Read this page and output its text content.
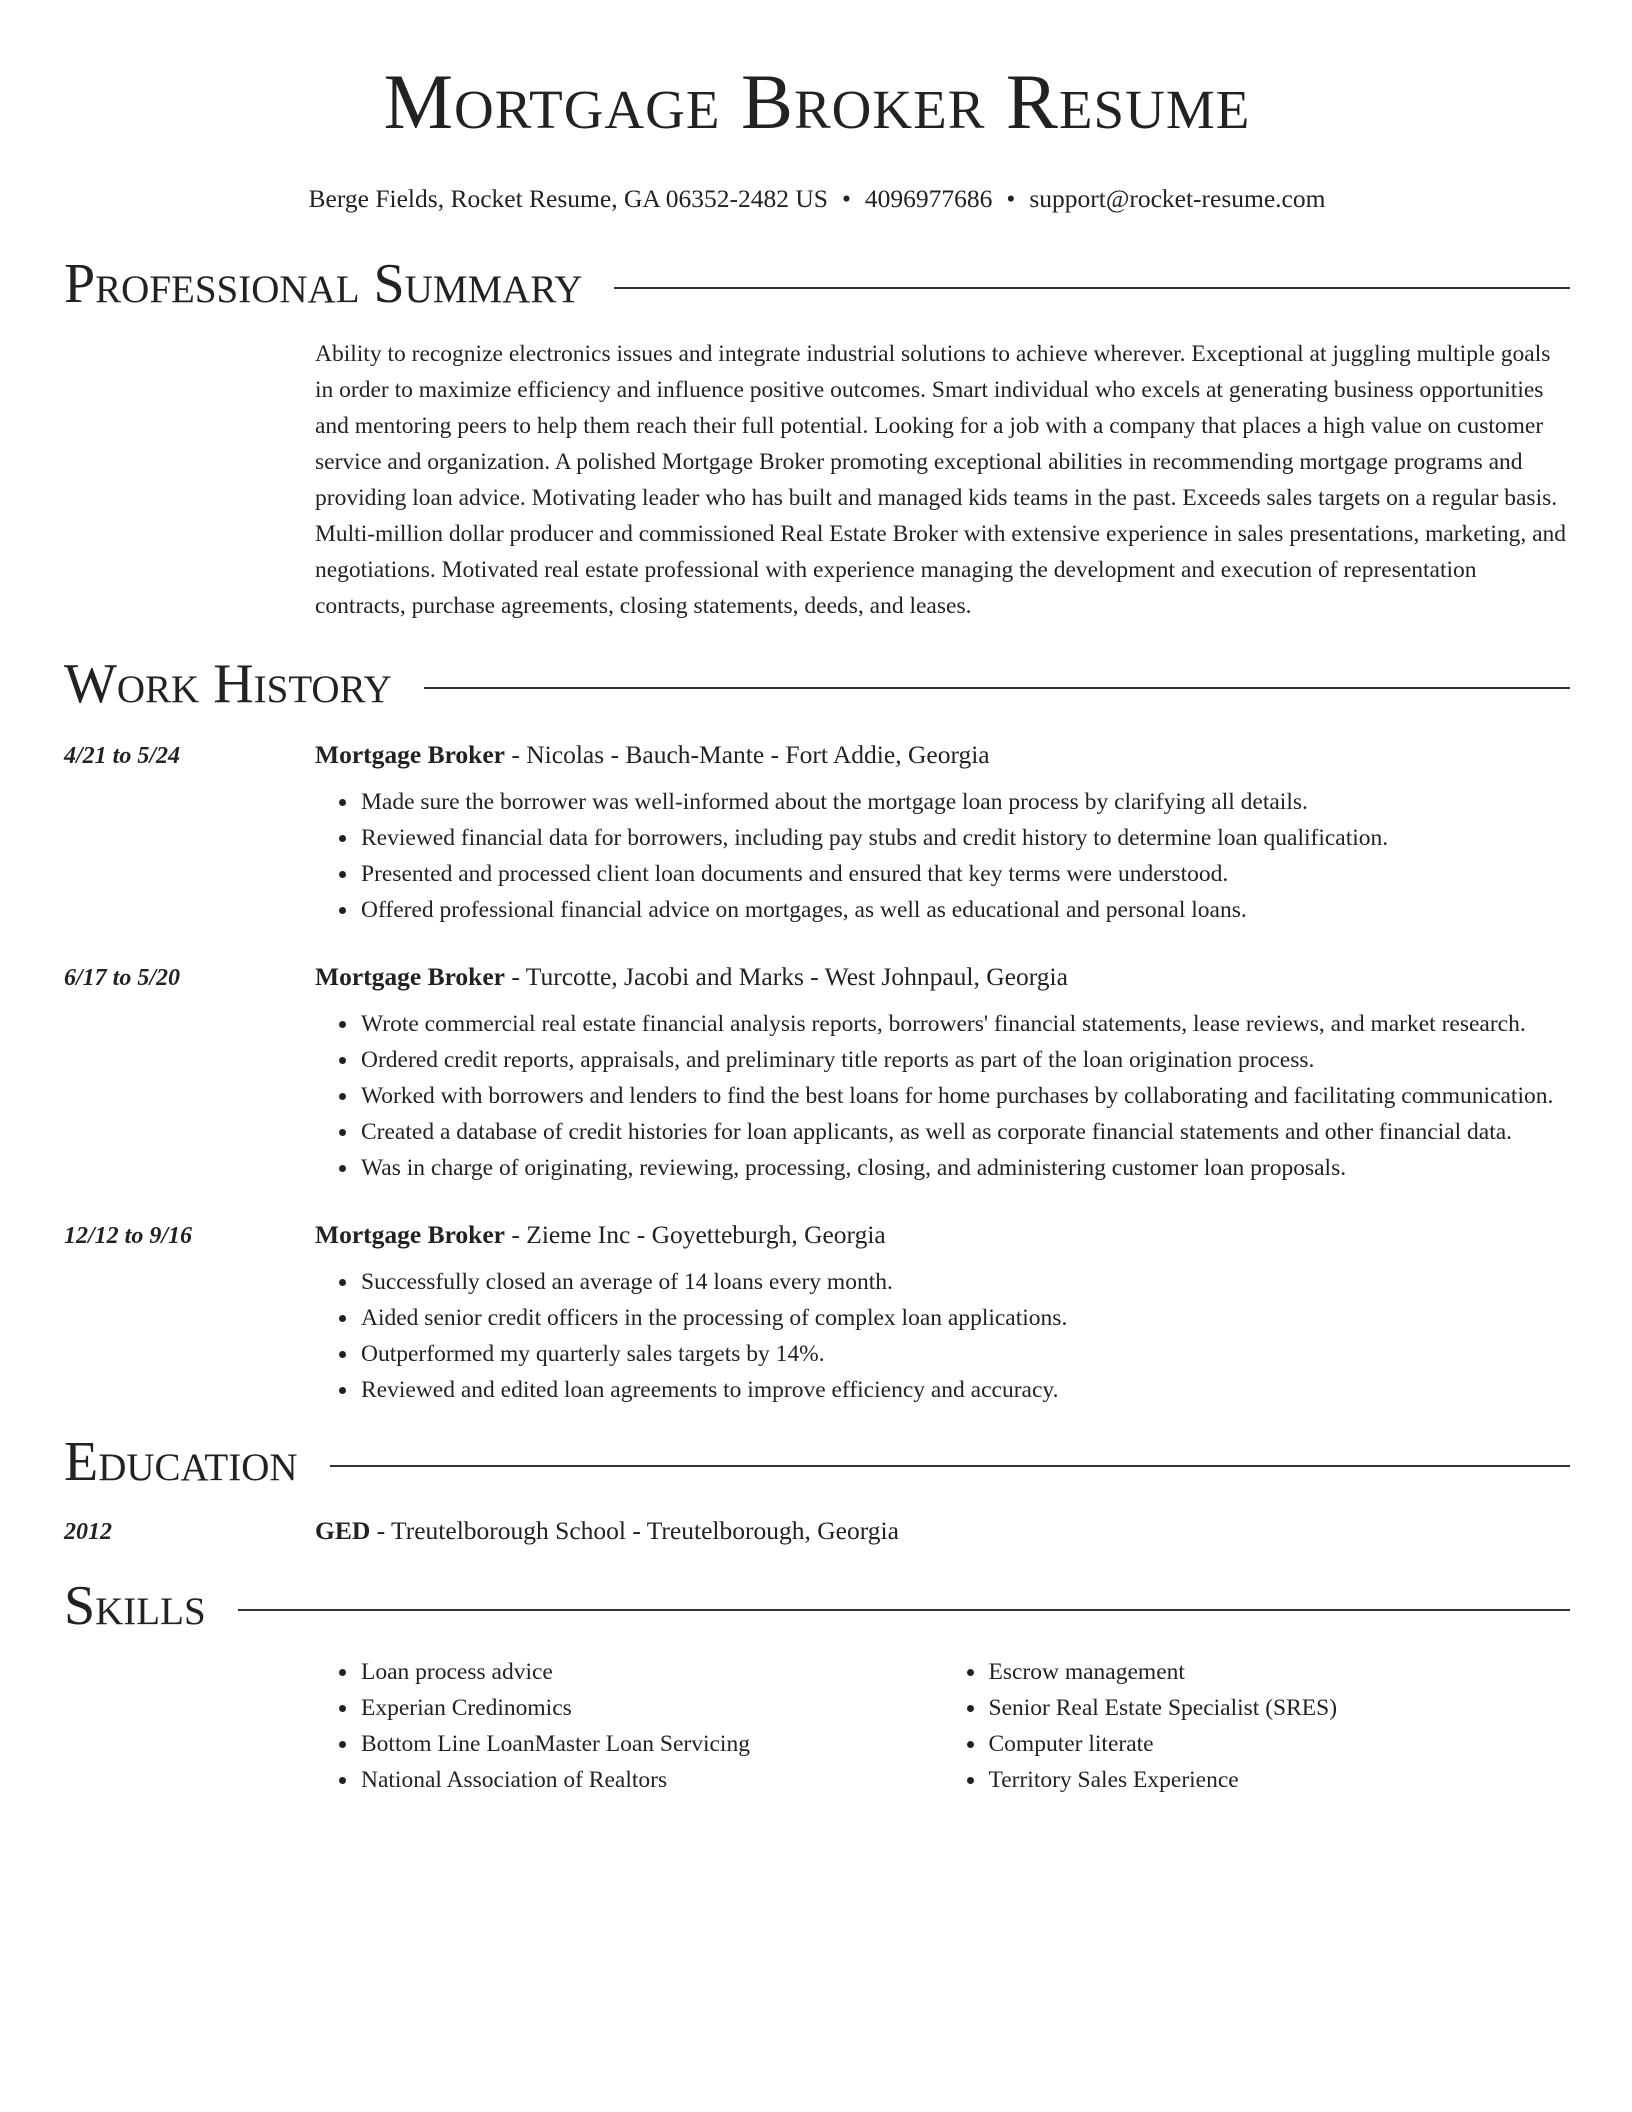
Mortgage Broker Resume
Berge Fields, Rocket Resume, GA 06352-2482 US • 4096977686 • support@rocket-resume.com
Professional Summary
Ability to recognize electronics issues and integrate industrial solutions to achieve wherever. Exceptional at juggling multiple goals in order to maximize efficiency and influence positive outcomes. Smart individual who excels at generating business opportunities and mentoring peers to help them reach their full potential. Looking for a job with a company that places a high value on customer service and organization. A polished Mortgage Broker promoting exceptional abilities in recommending mortgage programs and providing loan advice. Motivating leader who has built and managed kids teams in the past. Exceeds sales targets on a regular basis. Multi-million dollar producer and commissioned Real Estate Broker with extensive experience in sales presentations, marketing, and negotiations. Motivated real estate professional with experience managing the development and execution of representation contracts, purchase agreements, closing statements, deeds, and leases.
Work History
4/21 to 5/24	Mortgage Broker - Nicolas - Bauch-Mante - Fort Addie, Georgia
• Made sure the borrower was well-informed about the mortgage loan process by clarifying all details.
• Reviewed financial data for borrowers, including pay stubs and credit history to determine loan qualification.
• Presented and processed client loan documents and ensured that key terms were understood.
• Offered professional financial advice on mortgages, as well as educational and personal loans.
6/17 to 5/20	Mortgage Broker - Turcotte, Jacobi and Marks - West Johnpaul, Georgia
• Wrote commercial real estate financial analysis reports, borrowers' financial statements, lease reviews, and market research.
• Ordered credit reports, appraisals, and preliminary title reports as part of the loan origination process.
• Worked with borrowers and lenders to find the best loans for home purchases by collaborating and facilitating communication.
• Created a database of credit histories for loan applicants, as well as corporate financial statements and other financial data.
• Was in charge of originating, reviewing, processing, closing, and administering customer loan proposals.
12/12 to 9/16	Mortgage Broker - Zieme Inc - Goyetteburgh, Georgia
• Successfully closed an average of 14 loans every month.
• Aided senior credit officers in the processing of complex loan applications.
• Outperformed my quarterly sales targets by 14%.
• Reviewed and edited loan agreements to improve efficiency and accuracy.
Education
2012	GED - Treutelborough School - Treutelborough, Georgia
Skills
• Loan process advice
• Experian Credinomics
• Bottom Line LoanMaster Loan Servicing
• National Association of Realtors
• Escrow management
• Senior Real Estate Specialist (SRES)
• Computer literate
• Territory Sales Experience
